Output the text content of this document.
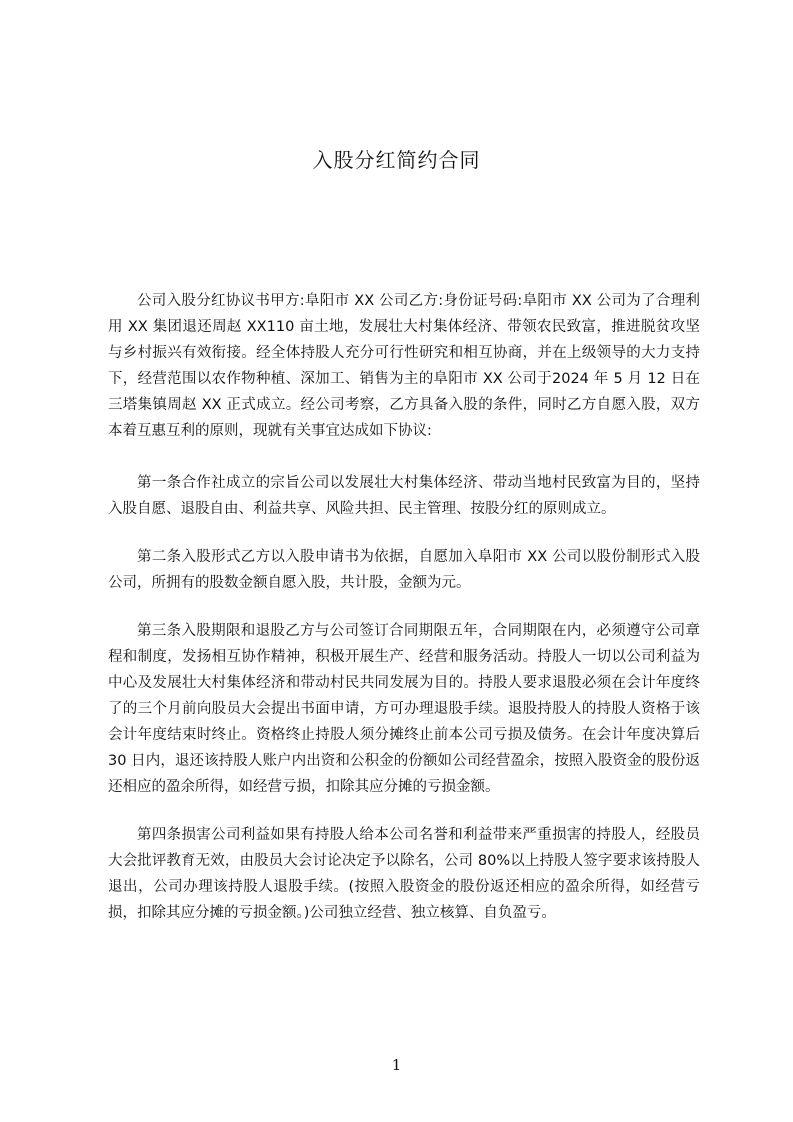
入股分红简约合同

公司入股分红协议书甲方:阜阳市 XX 公司乙方:身份证号码:阜阳市 XX 公司为了合理利用 XX 集团退还周赵 XX110 亩土地，发展壮大村集体经济、带领农民致富，推进脱贫攻坚与乡村振兴有效衔接。经全体持股人充分可行性研究和相互协商，并在上级领导的大力支持下，经营范围以农作物种植、深加工、销售为主的阜阳市 XX 公司于2024 年 5 月 12 日在三塔集镇周赵 XX 正式成立。经公司考察，乙方具备入股的条件，同时乙方自愿入股，双方本着互惠互利的原则，现就有关事宜达成如下协议:

第一条合作社成立的宗旨公司以发展壮大村集体经济、带动当地村民致富为目的，坚持入股自愿、退股自由、利益共享、风险共担、民主管理、按股分红的原则成立。

第二条入股形式乙方以入股申请书为依据，自愿加入阜阳市 XX 公司以股份制形式入股公司，所拥有的股数金额自愿入股，共计股，金额为元。

第三条入股期限和退股乙方与公司签订合同期限五年，合同期限在内，必须遵守公司章程和制度，发扬相互协作精神，积极开展生产、经营和服务活动。持股人一切以公司利益为中心及发展壮大村集体经济和带动村民共同发展为目的。持股人要求退股必须在会计年度终了的三个月前向股员大会提出书面申请，方可办理退股手续。退股持股人的持股人资格于该会计年度结束时终止。资格终止持股人须分摊终止前本公司亏损及债务。在会计年度决算后 30 日内，退还该持股人账户内出资和公积金的份额如公司经营盈余，按照入股资金的股份返还相应的盈余所得，如经营亏损，扣除其应分摊的亏损金额。

第四条损害公司利益如果有持股人给本公司名誉和利益带来严重损害的持股人，经股员大会批评教育无效，由股员大会讨论决定予以除名，公司 80%以上持股人签字要求该持股人退出，公司办理该持股人退股手续。(按照入股资金的股份返还相应的盈余所得，如经营亏损，扣除其应分摊的亏损金额。)公司独立经营、独立核算、自负盈亏。

1
